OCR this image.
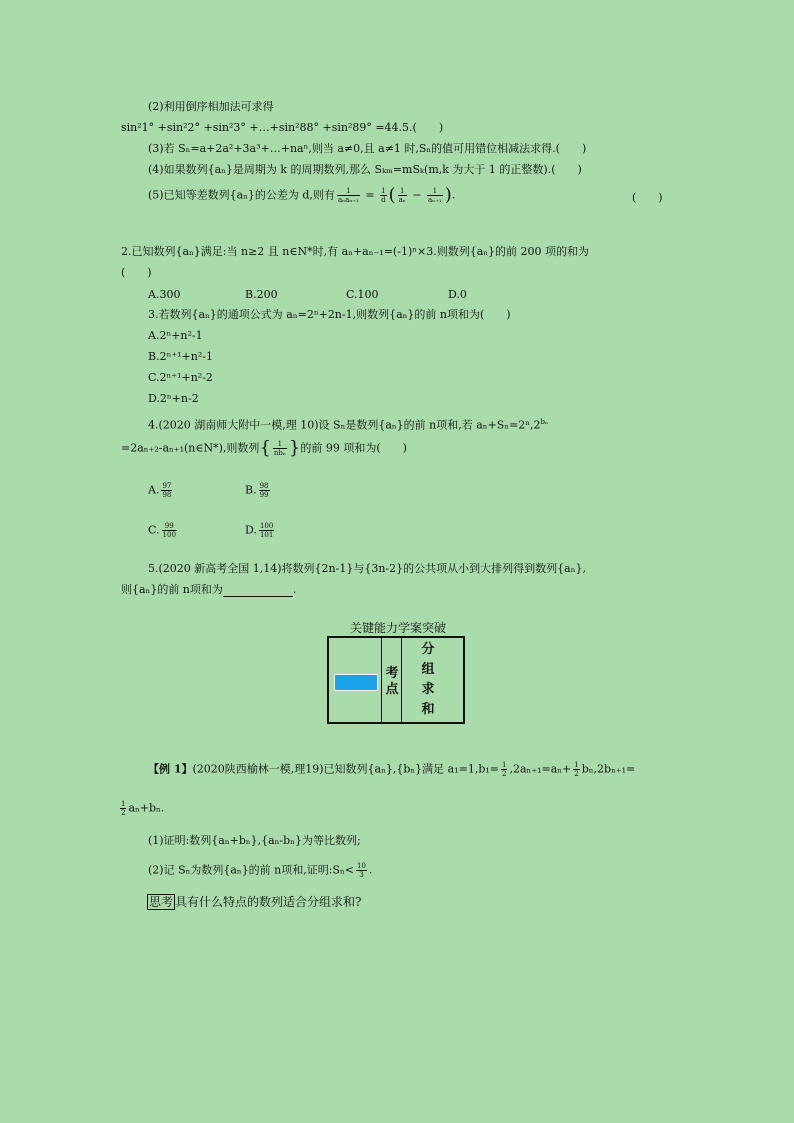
(2)利用倒序相加法可求得
sin²1° +sin²2° +sin²3° +…+sin²88° +sin²89° =44.5.(　　)
(3)若 Sₙ=a+2a²+3a³+…+naⁿ,则当 a≠0,且 a≠1 时,Sₙ的值可用错位相减法求得.(　　)
(4)如果数列{aₙ}是周期为 k 的周期数列,那么 Sₖₘ=mSₖ(m,k 为大于 1 的正整数).(　　)
(5)已知等差数列{aₙ}的公差为 d,则有 $\frac{1}{\text{aₙaₙ₊₁}} = \frac{1}{d}$ ( $\frac{1}{\text{aₙ}} - \frac{1}{\text{aₙ₊₁}}$ ).	(　　)
2.已知数列{aₙ}满足:当 n≥2 且 n∈N*时,有 aₙ+aₙ₋₁=(-1)ⁿ×3.则数列{aₙ}的前 200 项的和为
(　　)
A.300	B.200	C.100	D.0
3.若数列{aₙ}的通项公式为 aₙ=2ⁿ+2n-1,则数列{aₙ}的前 n项和为(　　)
A.2ⁿ+n²-1
B.2ⁿ⁺¹+n²-1
C.2ⁿ⁺¹+n²-2
D.2ⁿ+n-2
4.(2020 湖南师大附中一模,理 10)设 Sₙ是数列{aₙ}的前 n项和,若 $a_n+S_n=2^n,2^{b_n}$
=2aₙ₊₂-aₙ₊₁(n∈N*),则数列{ $\frac{1}{\text{nbₙ}}$ }的前 99 项和为(　　)
A. $\frac{97}{98}$	B. $\frac{98}{99}$
C. $\frac{99}{100}$	D. $\frac{100}{101}$
5.(2020 新高考全国 1,14)将数列{2n-1}与{3n-2}的公共项从小到大排列得到数列{aₙ},
则{aₙ}的前 n项和为	.
关键能力学案突破
考
点
分
组
求
和
【例 1】(2020陕西榆林一模,理19)已知数列{aₙ},{bₙ}满足 $a_1=1,b_1= \frac{1}{2} ,2a_{n+1}=a_n+ \frac{1}{2} b_n,2b_{n+1}=$
$\frac{1}{2} a_n+b_n$.
(1)证明:数列{aₙ+bₙ},{aₙ-bₙ}为等比数列;
(2)记 Sₙ为数列{aₙ}的前 n项和,证明:Sₙ< $\frac{10}{3}$ .
思考 具有什么特点的数列适合分组求和?
